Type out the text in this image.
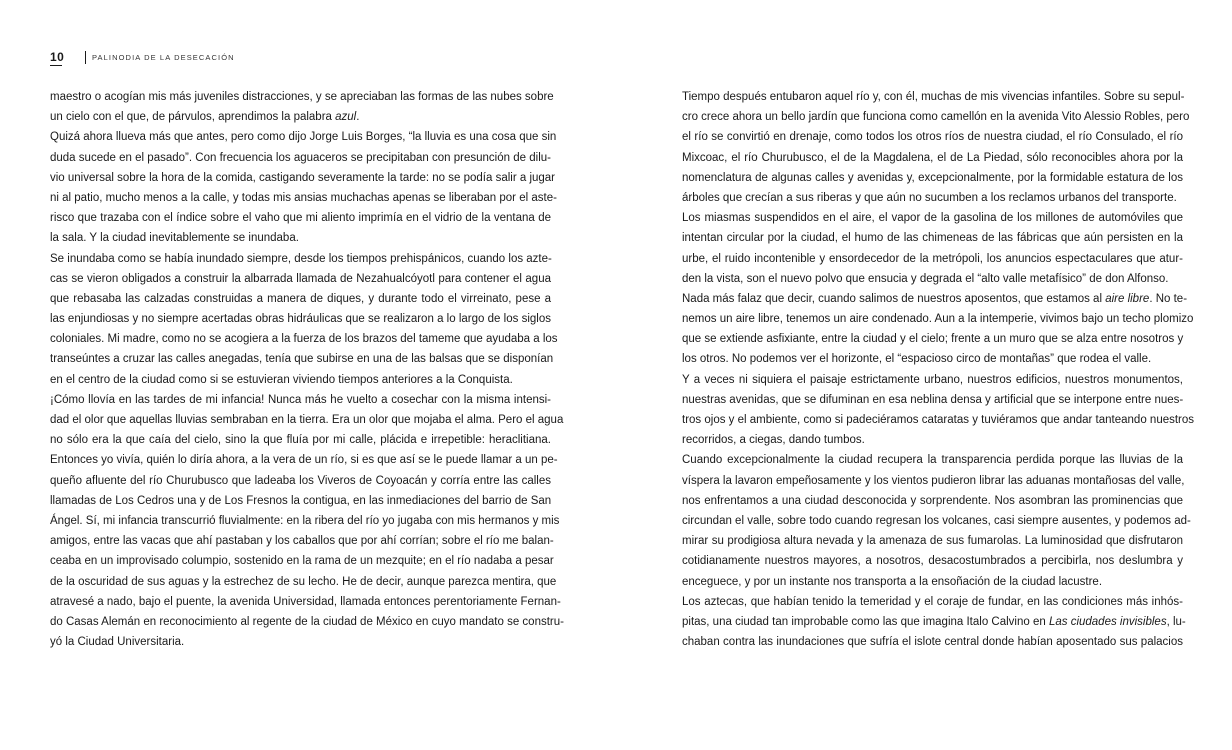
10	PALINODIA DE LA DESECACIÓN
maestro o acogían mis más juveniles distracciones, y se apreciaban las formas de las nubes sobre
un cielo con el que, de párvulos, aprendimos la palabra azul.
Quizá ahora llueva más que antes, pero como dijo Jorge Luis Borges, “la lluvia es una cosa que sin
duda sucede en el pasado”. Con frecuencia los aguaceros se precipitaban con presunción de dilu-
vio universal sobre la hora de la comida, castigando severamente la tarde: no se podía salir a jugar
ni al patio, mucho menos a la calle, y todas mis ansias muchachas apenas se liberaban por el aste-
risco que trazaba con el índice sobre el vaho que mi aliento imprimía en el vidrio de la ventana de
la sala. Y la ciudad inevitablemente se inundaba.
Se inundaba como se había inundado siempre, desde los tiempos prehispánicos, cuando los azte-
cas se vieron obligados a construir la albarrada llamada de Nezahualcóyotl para contener el agua
que rebasaba las calzadas construidas a manera de diques, y durante todo el virreinato, pese a
las enjundiosas y no siempre acertadas obras hidráulicas que se realizaron a lo largo de los siglos
coloniales. Mi madre, como no se acogiera a la fuerza de los brazos del tameme que ayudaba a los
transeúntes a cruzar las calles anegadas, tenía que subirse en una de las balsas que se disponían
en el centro de la ciudad como si se estuvieran viviendo tiempos anteriores a la Conquista.
¡Cómo llovía en las tardes de mi infancia! Nunca más he vuelto a cosechar con la misma intensi-
dad el olor que aquellas lluvias sembraban en la tierra. Era un olor que mojaba el alma. Pero el agua
no sólo era la que caía del cielo, sino la que fluía por mi calle, plácida e irrepetible: heraclitiana.
Entonces yo vivía, quién lo diría ahora, a la vera de un río, si es que así se le puede llamar a un pe-
queño afluente del río Churubusco que ladeaba los Viveros de Coyoacán y corría entre las calles
llamadas de Los Cedros una y de Los Fresnos la contigua, en las inmediaciones del barrio de San
Ángel. Sí, mi infancia transcurrió fluvialmente: en la ribera del río yo jugaba con mis hermanos y mis
amigos, entre las vacas que ahí pastaban y los caballos que por ahí corrían; sobre el río me balan-
ceaba en un improvisado columpio, sostenido en la rama de un mezquite; en el río nadaba a pesar
de la oscuridad de sus aguas y la estrechez de su lecho. He de decir, aunque parezca mentira, que
atravesé a nado, bajo el puente, la avenida Universidad, llamada entonces perentoriamente Fernan-
do Casas Alemán en reconocimiento al regente de la ciudad de México en cuyo mandato se constru-
yó la Ciudad Universitaria.
Tiempo después entubaron aquel río y, con él, muchas de mis vivencias infantiles. Sobre su sepul-
cro crece ahora un bello jardín que funciona como camellón en la avenida Vito Alessio Robles, pero
el río se convirtió en drenaje, como todos los otros ríos de nuestra ciudad, el río Consulado, el río
Mixcoac, el río Churubusco, el de la Magdalena, el de La Piedad, sólo reconocibles ahora por la
nomenclatura de algunas calles y avenidas y, excepcionalmente, por la formidable estatura de los
árboles que crecían a sus riberas y que aún no sucumben a los reclamos urbanos del transporte.
Los miasmas suspendidos en el aire, el vapor de la gasolina de los millones de automóviles que
intentan circular por la ciudad, el humo de las chimeneas de las fábricas que aún persisten en la
urbe, el ruido incontenible y ensordecedor de la metrópoli, los anuncios espectaculares que atur-
den la vista, son el nuevo polvo que ensucia y degrada el “alto valle metafísico” de don Alfonso.
Nada más falaz que decir, cuando salimos de nuestros aposentos, que estamos al aire libre. No te-
nemos un aire libre, tenemos un aire condenado. Aun a la intemperie, vivimos bajo un techo plomizo
que se extiende asfixiante, entre la ciudad y el cielo; frente a un muro que se alza entre nosotros y
los otros. No podemos ver el horizonte, el “espacioso circo de montañas” que rodea el valle.
Y a veces ni siquiera el paisaje estrictamente urbano, nuestros edificios, nuestros monumentos,
nuestras avenidas, que se difuminan en esa neblina densa y artificial que se interpone entre nues-
tros ojos y el ambiente, como si padeciéramos cataratas y tuviéramos que andar tanteando nuestros
recorridos, a ciegas, dando tumbos.
Cuando excepcionalmente la ciudad recupera la transparencia perdida porque las lluvias de la
víspera la lavaron empeñosamente y los vientos pudieron librar las aduanas montañosas del valle,
nos enfrentamos a una ciudad desconocida y sorprendente. Nos asombran las prominencias que
circundan el valle, sobre todo cuando regresan los volcanes, casi siempre ausentes, y podemos ad-
mirar su prodigiosa altura nevada y la amenaza de sus fumarolas. La luminosidad que disfrutaron
cotidianamente nuestros mayores, a nosotros, desacostumbrados a percibirla, nos deslumbra y
enceguece, y por un instante nos transporta a la ensoñación de la ciudad lacustre.
Los aztecas, que habían tenido la temeridad y el coraje de fundar, en las condiciones más inhós-
pitas, una ciudad tan improbable como las que imagina Italo Calvino en Las ciudades invisibles, lu-
chaban contra las inundaciones que sufría el islote central donde habían aposentado sus palacios
